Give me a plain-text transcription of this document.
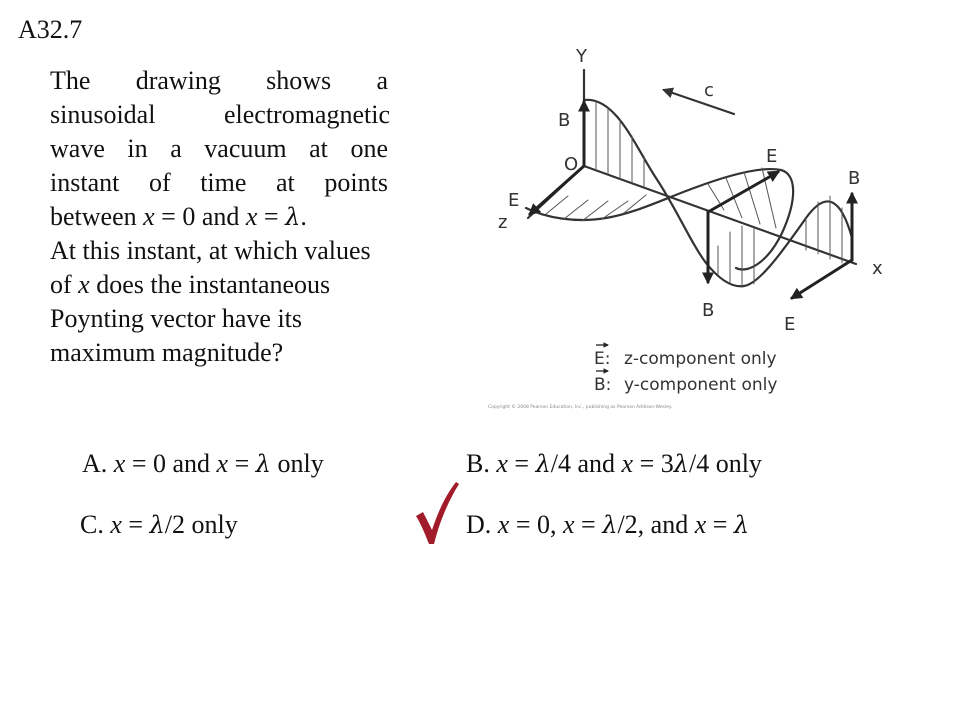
A32.7
The drawing shows a
sinusoidal	electromagnetic
wave in a vacuum at one
instant of time at points
between x = 0 and x = λ.
At this instant, at which values
of x does the instantaneous
Poynting vector have its
maximum magnitude?
Y
O
z
x
c
B
E
E
B
B
E
E: z-component only
B: y-component only
Copyright © 2008 Pearson Education, Inc., publishing as Pearson Addison-Wesley.
A. x = 0 and x = λ only	B. x = λ/4 and x = 3λ/4 only
C. x = λ/2 only	D. x = 0, x = λ/2, and x = λ
